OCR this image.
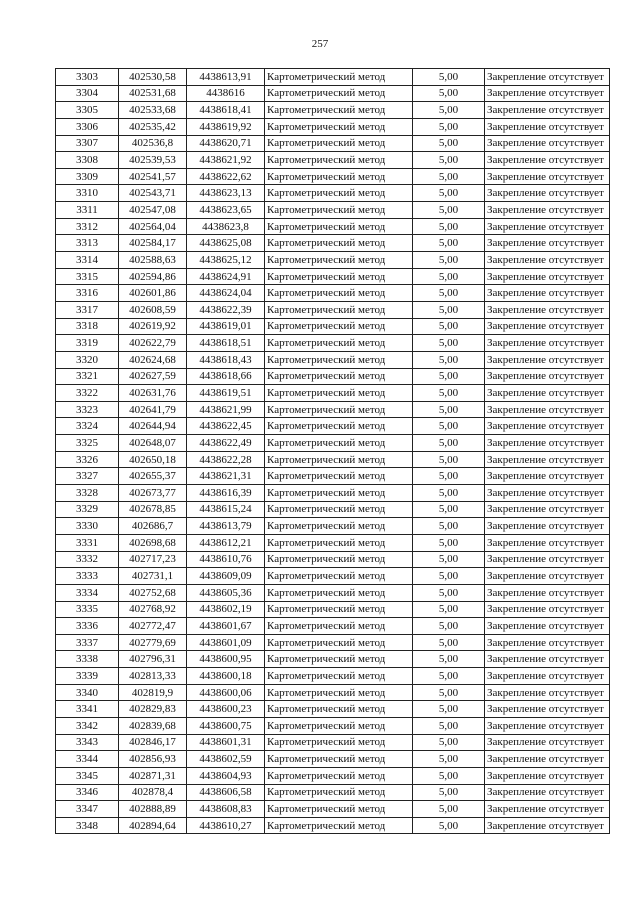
257
3303	402530,58	4438613,91	Картометрический метод	5,00	Закрепление отсутствует
3304	402531,68	4438616	Картометрический метод	5,00	Закрепление отсутствует
3305	402533,68	4438618,41	Картометрический метод	5,00	Закрепление отсутствует
3306	402535,42	4438619,92	Картометрический метод	5,00	Закрепление отсутствует
3307	402536,8	4438620,71	Картометрический метод	5,00	Закрепление отсутствует
3308	402539,53	4438621,92	Картометрический метод	5,00	Закрепление отсутствует
3309	402541,57	4438622,62	Картометрический метод	5,00	Закрепление отсутствует
3310	402543,71	4438623,13	Картометрический метод	5,00	Закрепление отсутствует
3311	402547,08	4438623,65	Картометрический метод	5,00	Закрепление отсутствует
3312	402564,04	4438623,8	Картометрический метод	5,00	Закрепление отсутствует
3313	402584,17	4438625,08	Картометрический метод	5,00	Закрепление отсутствует
3314	402588,63	4438625,12	Картометрический метод	5,00	Закрепление отсутствует
3315	402594,86	4438624,91	Картометрический метод	5,00	Закрепление отсутствует
3316	402601,86	4438624,04	Картометрический метод	5,00	Закрепление отсутствует
3317	402608,59	4438622,39	Картометрический метод	5,00	Закрепление отсутствует
3318	402619,92	4438619,01	Картометрический метод	5,00	Закрепление отсутствует
3319	402622,79	4438618,51	Картометрический метод	5,00	Закрепление отсутствует
3320	402624,68	4438618,43	Картометрический метод	5,00	Закрепление отсутствует
3321	402627,59	4438618,66	Картометрический метод	5,00	Закрепление отсутствует
3322	402631,76	4438619,51	Картометрический метод	5,00	Закрепление отсутствует
3323	402641,79	4438621,99	Картометрический метод	5,00	Закрепление отсутствует
3324	402644,94	4438622,45	Картометрический метод	5,00	Закрепление отсутствует
3325	402648,07	4438622,49	Картометрический метод	5,00	Закрепление отсутствует
3326	402650,18	4438622,28	Картометрический метод	5,00	Закрепление отсутствует
3327	402655,37	4438621,31	Картометрический метод	5,00	Закрепление отсутствует
3328	402673,77	4438616,39	Картометрический метод	5,00	Закрепление отсутствует
3329	402678,85	4438615,24	Картометрический метод	5,00	Закрепление отсутствует
3330	402686,7	4438613,79	Картометрический метод	5,00	Закрепление отсутствует
3331	402698,68	4438612,21	Картометрический метод	5,00	Закрепление отсутствует
3332	402717,23	4438610,76	Картометрический метод	5,00	Закрепление отсутствует
3333	402731,1	4438609,09	Картометрический метод	5,00	Закрепление отсутствует
3334	402752,68	4438605,36	Картометрический метод	5,00	Закрепление отсутствует
3335	402768,92	4438602,19	Картометрический метод	5,00	Закрепление отсутствует
3336	402772,47	4438601,67	Картометрический метод	5,00	Закрепление отсутствует
3337	402779,69	4438601,09	Картометрический метод	5,00	Закрепление отсутствует
3338	402796,31	4438600,95	Картометрический метод	5,00	Закрепление отсутствует
3339	402813,33	4438600,18	Картометрический метод	5,00	Закрепление отсутствует
3340	402819,9	4438600,06	Картометрический метод	5,00	Закрепление отсутствует
3341	402829,83	4438600,23	Картометрический метод	5,00	Закрепление отсутствует
3342	402839,68	4438600,75	Картометрический метод	5,00	Закрепление отсутствует
3343	402846,17	4438601,31	Картометрический метод	5,00	Закрепление отсутствует
3344	402856,93	4438602,59	Картометрический метод	5,00	Закрепление отсутствует
3345	402871,31	4438604,93	Картометрический метод	5,00	Закрепление отсутствует
3346	402878,4	4438606,58	Картометрический метод	5,00	Закрепление отсутствует
3347	402888,89	4438608,83	Картометрический метод	5,00	Закрепление отсутствует
3348	402894,64	4438610,27	Картометрический метод	5,00	Закрепление отсутствует
